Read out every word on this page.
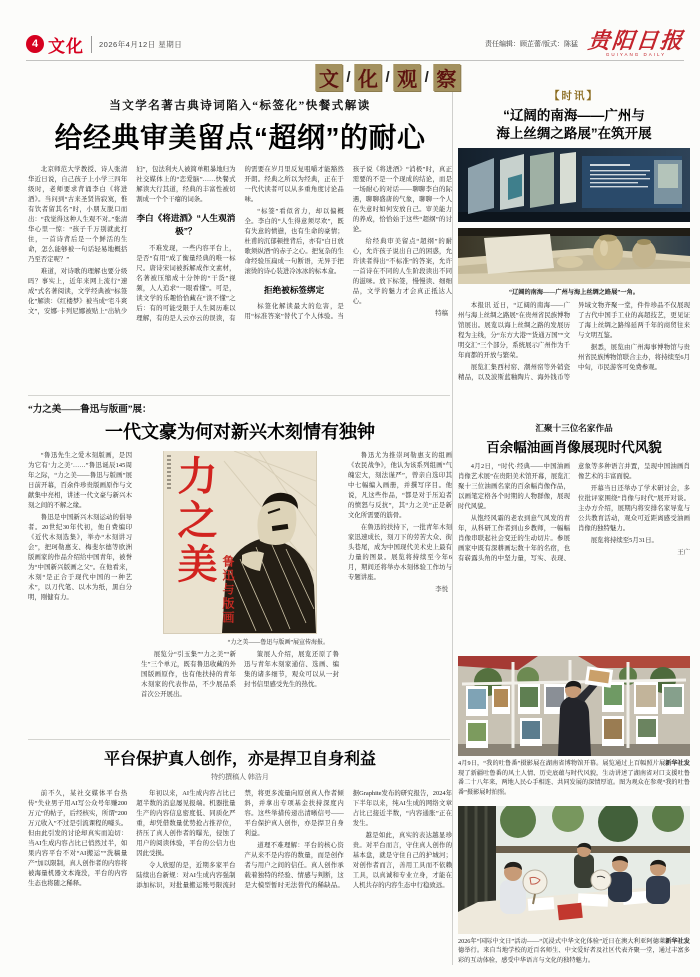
4 文化 2026年4月12日 星期日	责任编辑：顾芷蕾/版式：陈猛 贵阳日报
GUIYANG DAILY
文 / 化 / 观 / 察
当文学名著古典诗词陷入“标签化”快餐式解读
给经典审美留点“超纲”的耐心

北京师范大学教授、诗人张清华近日说，自己孩子上小学三四年级时，老师要求背诵李白《将进酒》。当问到“古来圣贤皆寂寞，惟有饮者留其名”时，小朋友脱口而出：“我觉得这种人生观不对。”张清华心里一惊：“孩子千万别就此打住，一首诗背后是一个鲜活的生命，怎么能够被一句话轻易地概括乃至否定呢？”

难道，对诗歌的理解也要分级吗？事实上，近年来网上流行“速成”式名著阅读，文学经典被“标签化”解读：《红楼梦》被当成“宅斗爽文”，安娜·卡列尼娜被贴上“出轨少妇”，包法利夫人被简单粗暴地归为社交媒体上的“恋爱脑”……快餐式解读大行其道，经典的丰富性被切割成一个个干瘪的词条。

李白《将进酒》“人生观消极”？

不难发现，一些内容平台上，是否“有用”成了衡量经典的唯一标尺。唐诗宋词被拆解成作文素材，名著被压缩成十分钟的“干货”视频，人人追求“一眼看懂”。可是，读文学的乐趣恰恰藏在“读不懂”之后：有的可能受限于人生阅历难以理解，有的是人云亦云的误读，有的需要在岁月里反复咀嚼才能豁然开朗。经典之所以为经典，正在于一代代读者可以从多重角度讨论品味。

“标签”看似省力，却以偏概全。李白的“人生得意须尽欢”，既有失意的愤懑，也有生命的豪情；杜甫的沉郁顿挫背后，亦有“白日放歌须纵酒”的赤子之心。把复杂的生命经验压扁成一句断语，无异于把滚烫的诗心装进冷冰冰的标本盒。

拒绝被标签绑定

标签化解读最大的危害，是用“标准答案”替代了个人体验。当孩子说《将进酒》“消极”时，真正需要的不是一个现成的结论，而是一场耐心的对话——聊聊李白的际遇，聊聊盛唐的气象，聊聊一个人在失意时如何安放自己。审美能力的养成，恰恰始于这些“超纲”的讨论。

给经典审美留点“超纲”的耐心，允许孩子说出自己的困惑，允许读者得出“不标准”的答案，允许一首诗在不同的人生阶段读出不同的滋味。放下标签，慢慢读、细细品，文学的魅力才会真正抵达人心。

特稿

“力之美——鲁迅与版画”展：
一代文豪为何对新兴木刻情有独钟

“鲁迅先生之爱木刻版画，是因为它有‘力之美’……”鲁迅诞辰145周年之际，“力之美——鲁迅与版画”展日前开幕，百余件珍贵版画原作与文献集中亮相，讲述一代文豪与新兴木刻之间的不解之缘。

鲁迅是中国新兴木刻运动的倡导者。20世纪30年代初，他自费编印《近代木刻选集》，举办“木刻讲习会”，把珂勒惠支、梅斐尔德等欧洲版画家的作品介绍给中国青年，被誉为“中国新兴版画之父”。在他看来，木刻“是正合于现代中国的一种艺术”，以刀代笔、以木为纸，黑白分明，刚健有力。

力之美
鲁迅与版画
“力之美——鲁迅与版画”展宣传海报。

展览分“引玉集”“力之美”“新生”三个单元，既有鲁迅收藏的外国版画原作，也有他扶持的青年木刻家的代表作品，不少展品系首次公开展出。

策展人介绍，展览还原了鲁迅与青年木刻家通信、选画、编集的诸多细节，观众可以从一封封书信里感受先生的热忱。

鲁迅尤为推崇珂勒惠支的组画《农民战争》，他认为该系列组画“气魄宏大，刻法谨严”，曾亲自选印其中七幅编入画册，并撰写序目。他说，凡这些作品，“都是对于压迫者的愤怒与反抗”，其“力之美”正是新文化所需要的筋骨。

在鲁迅的扶持下，一批青年木刻家迅速成长，刻刀下的劳苦大众、街头巷尾，成为中国现代美术史上最有力量的图景。展览将持续至今年6月，期间还将举办木刻体验工作坊与专题讲座。

李悦

平台保护真人创作，亦是捍卫自身利益
特约撰稿人 韩浩月

前不久，某社交媒体平台热传“失业男子用AI写公众号年赚200万元”的帖子，后经核实，所谓“200万元收入”不过是引流课程的噱头。但由此引发的讨论却真实而迫切：当AI生成内容占比已悄然过半，如果内容平台不对“AI搬运”“洗稿量产”加以限制，真人创作者的内容将被海量机器文本淹没，平台的内容生态也将随之稀释。

年初以来，AI生成内容占比已超半数的消息屡见报端。机器批量生产的内容信息密度低、同质化严重，却凭借数量优势抢占推荐位，挤压了真人创作者的曝光，侵蚀了用户的阅读体验，平台的公信力也因此受损。

令人欣慰的是，近期多家平台陆续出台新规：对AI生成内容强制添加标识，对批量搬运账号限流封禁，将更多流量向原创真人作者倾斜，并拿出专项基金扶持深度内容。这些举措传递出清晰信号——平台保护真人创作，亦是捍卫自身利益。

道理不难理解：平台的核心资产从来不是内容的数量，而是创作者与用户之间的信任。真人创作承载着独特的经验、情感与判断，这是大模型暂时无法替代的稀缺品。据Graphite发布的研究报告，2024年下半年以来，纯AI生成的网络文章占比已接近半数，“内容通胀”正在发生。

越是如此，真实的表达越显珍贵。对平台而言，守住真人创作的基本盘，就是守住自己的护城河；对创作者而言，善用工具而不依赖工具，以真诚和专业立身，才能在人机共存的内容生态中行稳致远。

【时讯】
“辽阔的南海——广州与
海上丝绸之路展”在筑开展
“辽阔的南海——广州与海上丝绸之路展”一角。

本报讯 近日，“辽阔的南海——广州与海上丝绸之路展”在贵州省民族博物馆展出。展览以海上丝绸之路的发展历程为主线，分“东方大港”“货通万国”“文明交汇”三个部分，系统展示广州作为千年商都的开放与繁荣。

展览汇集西村窑、潮州窑等外销瓷精品，以及波斯蓝釉陶片、海外钱币等异域文物齐聚一堂，件件珍品不仅展现了古代中国手工业的高超技艺，更见证了海上丝绸之路绵延两千年的商贸往来与文明互鉴。

据悉，展览由广州海事博物馆与贵州省民族博物馆联合主办，将持续至6月中旬，市民游客可免费参观。

汇聚十三位名家作品
百余幅油画肖像展现时代风貌

4月2日，“时代·经典——中国油画肖像艺术展”在贵阳美术馆开幕，展览汇聚十三位油画名家的百余幅肖像作品，以画笔定格各个时期的人物群像，展现时代风貌。

从饱经风霜的老农到意气风发的青年，从科研工作者到山乡教师，一幅幅肖像串联起社会变迁的生动切片。参展画家中既有深耕画坛数十年的名宿，也有崭露头角的中坚力量，写实、表现、意象等多种语言并置，呈现中国油画肖像艺术的丰富面貌。

开幕当日还举办了学术研讨会，多位批评家围绕“肖像与时代”展开对谈。主办方介绍，展期内将安排名家导览与公共教育活动，观众可近距离感受油画肖像的独特魅力。

展览将持续至5月31日。

王广
新华社发
4月9日，“我的吐鲁番”摄影展在湖南省博物馆开幕。展览通过上百幅照片展现了新疆吐鲁番的风土人情、历史底蕴与时代风貌，生动讲述了湖南省对口支援吐鲁番二十八年来，两地人民心手相连、共同发展的深情厚谊。图为观众在参观“我的吐鲁番”摄影展时拍照。
新华社发
2026年“国际中文日”活动——“沉浸式中华文化体验”近日在澳大利亚阿德莱德举行。来自当地学校的近百名师生、中文爱好者及社区代表齐聚一堂，通过丰富多彩的互动体验，感受中华语言与文化的独特魅力。
